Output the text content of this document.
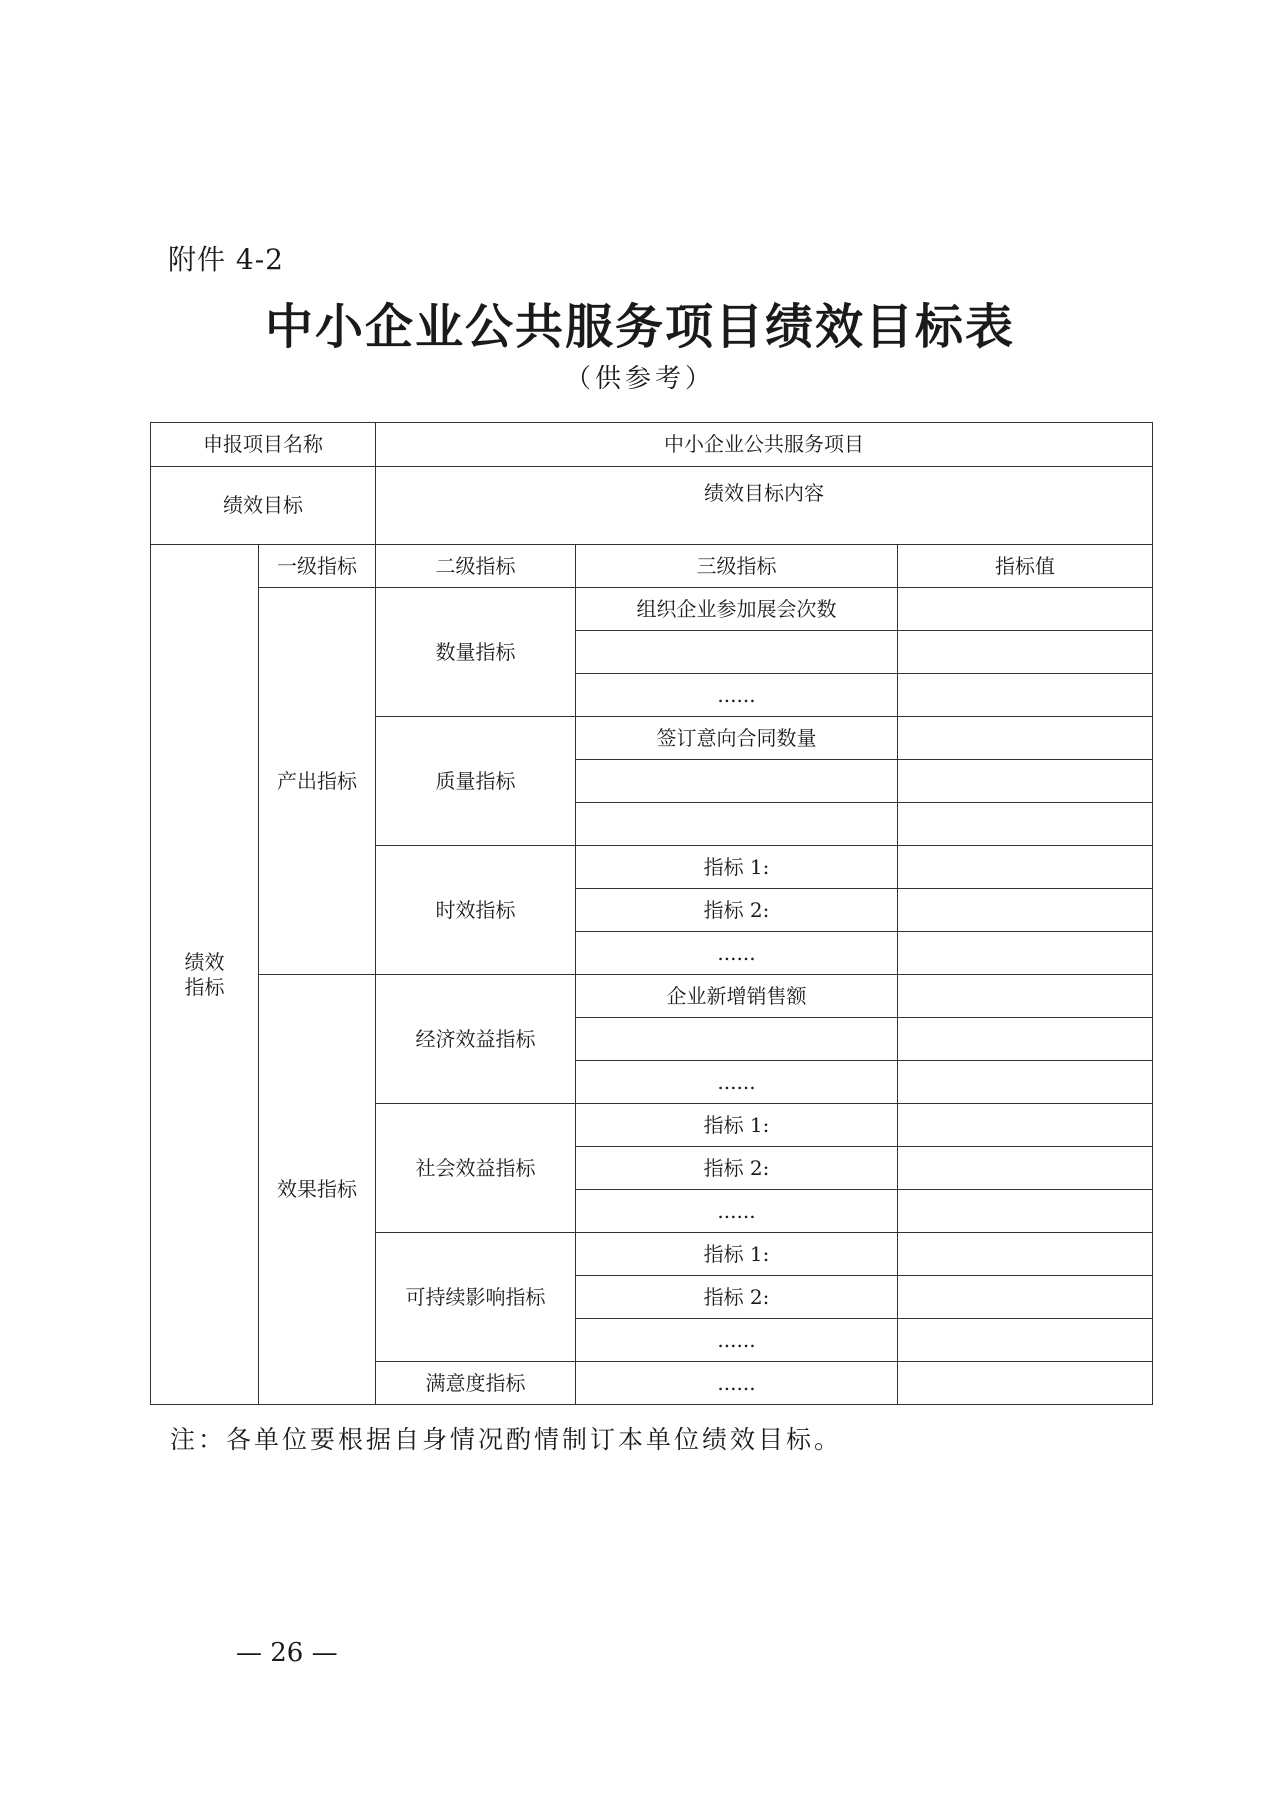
附件 4-2
中小企业公共服务项目绩效目标表
（供参考）
申报项目名称		中小企业公共服务项目		
绩效目标		绩效目标内容		
绩效
指标	一级指标	二级指标	三级指标	指标值
	产出指标	数量指标	组织企业参加展会次数	

			......	
		质量指标	签订意向合同数量	

		时效指标	指标 1:	
			指标 2:	
			......	
	效果指标	经济效益指标	企业新增销售额	

			......	
		社会效益指标	指标 1:	
			指标 2:	
			......	
		可持续影响指标	指标 1:	
			指标 2:	
			......	
		满意度指标	......	
注：各单位要根据自身情况酌情制订本单位绩效目标。
— 26 —
